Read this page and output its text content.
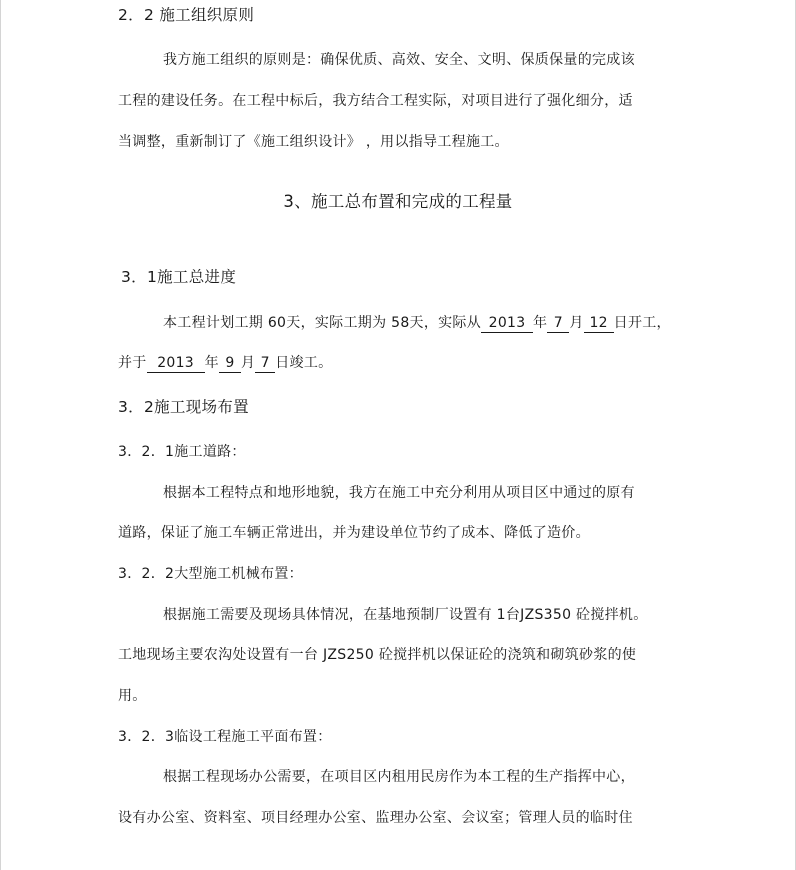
2．2 施工组织原则
我方施工组织的原则是：确保优质、高效、安全、文明、保质保量的完成该
工程的建设任务。在工程中标后，我方结合工程实际，对项目进行了强化细分，适
当调整，重新制订了《施工组织设计》 ，用以指导工程施工。
3、施工总布置和完成的工程量
3．1施工总进度
本工程计划工期 60天，实际工期为 58天，实际从 2013 年 7 月 12 日开工，
并于 2013 年 9 月 7 日竣工。
3．2施工现场布置
3．2．1施工道路：
根据本工程特点和地形地貌，我方在施工中充分利用从项目区中通过的原有
道路，保证了施工车辆正常进出，并为建设单位节约了成本、降低了造价。
3．2．2大型施工机械布置：
根据施工需要及现场具体情况，在基地预制厂设置有 1台JZS350 砼搅拌机。
工地现场主要农沟处设置有一台 JZS250 砼搅拌机以保证砼的浇筑和砌筑砂浆的使
用。
3．2．3临设工程施工平面布置：
根据工程现场办公需要，在项目区内租用民房作为本工程的生产指挥中心，
设有办公室、资料室、项目经理办公室、监理办公室、会议室；管理人员的临时住
